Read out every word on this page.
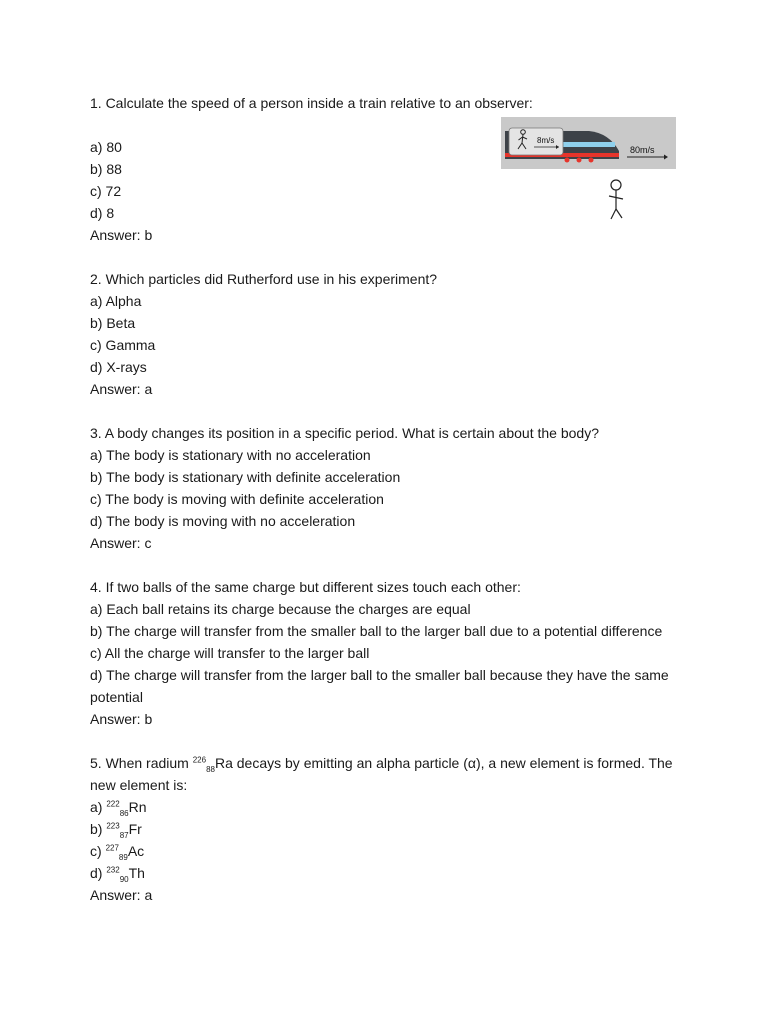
1. Calculate the speed of a person inside a train relative to an observer:
a) 80
b) 88
c) 72
d) 8
Answer: b
2. Which particles did Rutherford use in his experiment?
a) Alpha
b) Beta
c) Gamma
d) X-rays
Answer: a
3. A body changes its position in a specific period. What is certain about the body?
a) The body is stationary with no acceleration
b) The body is stationary with definite acceleration
c) The body is moving with definite acceleration
d) The body is moving with no acceleration
Answer: c
4. If two balls of the same charge but different sizes touch each other:
a) Each ball retains its charge because the charges are equal
b) The charge will transfer from the smaller ball to the larger ball due to a potential difference
c) All the charge will transfer to the larger ball
d) The charge will transfer from the larger ball to the smaller ball because they have the same potential
Answer: b
5. When radium $^{226}_{88}$Ra decays by emitting an alpha particle (α), a new element is formed. The new element is:
a) $^{222}_{86}$Rn
b) $^{223}_{87}$Fr
c) $^{227}_{89}$Ac
d) $^{232}_{90}$Th
Answer: a
8m/s
80m/s
